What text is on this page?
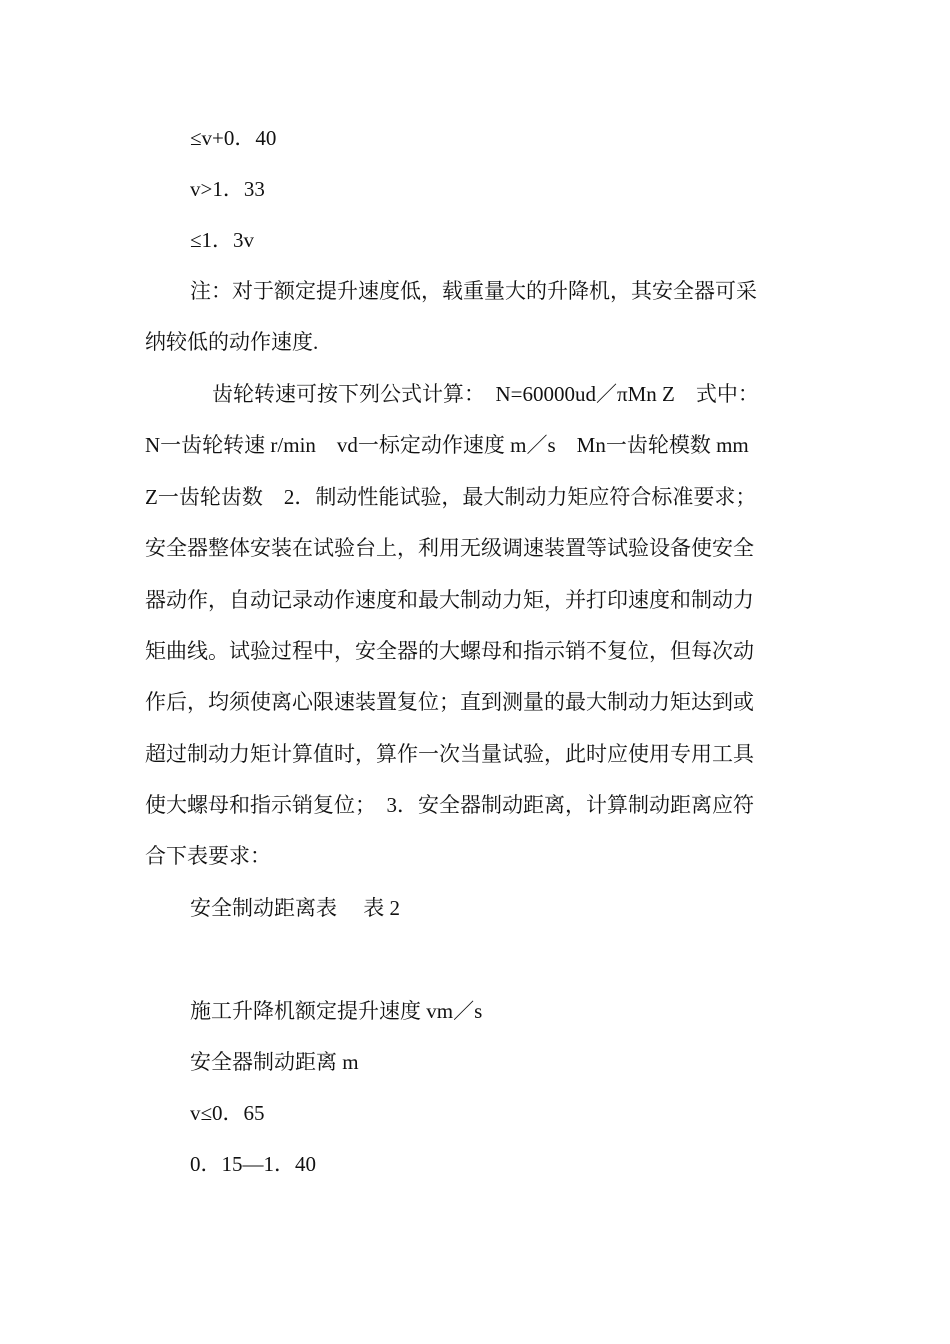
≤v+0．40
v>1．33
≤1．3v
注：对于额定提升速度低，载重量大的升降机，其安全器可采
纳较低的动作速度.
齿轮转速可按下列公式计算：　N=60000ud／πMn Z　式中：
N一齿轮转速 r/min　vd一标定动作速度 m／s　Mn一齿轮模数 mm
Z一齿轮齿数　2．制动性能试验，最大制动力矩应符合标准要求；
安全器整体安装在试验台上，利用无级调速装置等试验设备使安全
器动作，自动记录动作速度和最大制动力矩，并打印速度和制动力
矩曲线。试验过程中，安全器的大螺母和指示销不复位，但每次动
作后，均须使离心限速装置复位；直到测量的最大制动力矩达到或
超过制动力矩计算值时，算作一次当量试验，此时应使用专用工具
使大螺母和指示销复位；　3．安全器制动距离，计算制动距离应符
合下表要求：
安全制动距离表　 表 2
施工升降机额定提升速度 vm／s
安全器制动距离 m
v≤0．65
0．15—1．40
